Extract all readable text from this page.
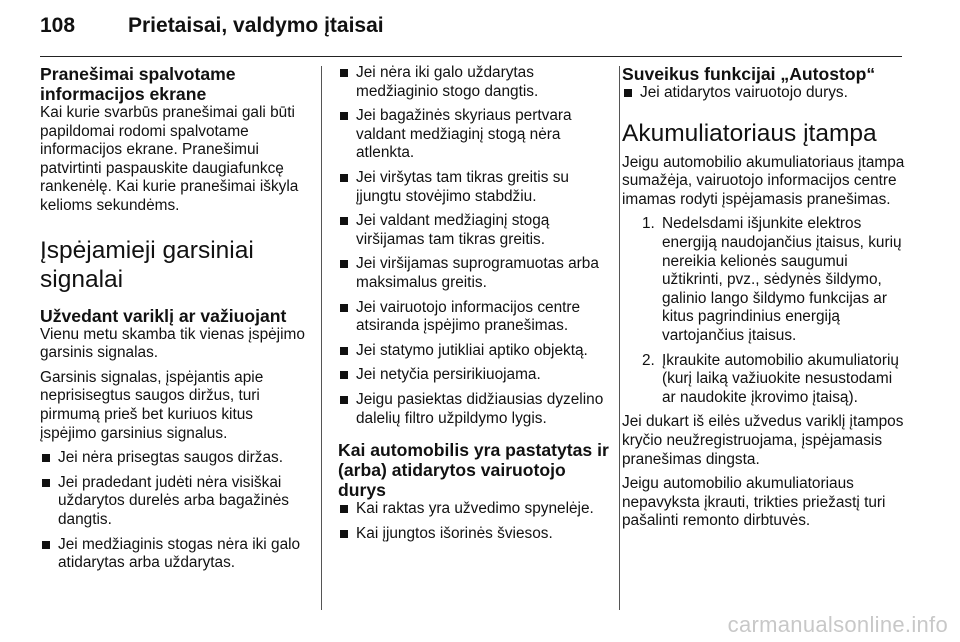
108	Prietaisai, valdymo įtaisai
Pranešimai spalvotame informacijos ekrane

Kai kurie svarbūs pranešimai gali būti papildomai rodomi spalvotame informacijos ekrane. Pranešimui patvirtinti paspauskite daugiafunkcę rankenėlę. Kai kurie pranešimai iškyla kelioms sekundėms.

Įspėjamieji garsiniai signalai
Užvedant variklį ar važiuojant

Vienu metu skamba tik vienas įspėjimo garsinis signalas.

Garsinis signalas, įspėjantis apie neprisisegtus saugos diržus, turi pirmumą prieš bet kuriuos kitus įspėjimo garsinius signalus.

Jei nėra prisegtas saugos diržas.
Jei pradedant judėti nėra visiškai uždarytos durelės arba bagažinės dangtis.
Jei medžiaginis stogas nėra iki galo atidarytas arba uždarytas.
Jei nėra iki galo uždarytas medžiaginio stogo dangtis.
Jei bagažinės skyriaus pertvara valdant medžiaginį stogą nėra atlenkta.
Jei viršytas tam tikras greitis su įjungtu stovėjimo stabdžiu.
Jei valdant medžiaginį stogą viršijamas tam tikras greitis.
Jei viršijamas suprogramuotas arba maksimalus greitis.
Jei vairuotojo informacijos centre atsiranda įspėjimo pranešimas.
Jei statymo jutikliai aptiko objektą.
Jei netyčia persirikiuojama.
Jeigu pasiektas didžiausias dyzelino dalelių filtro užpildymo lygis.
Kai automobilis yra pastatytas ir (arba) atidarytos vairuotojo durys
Kai raktas yra užvedimo spynelėje.
Kai įjungtos išorinės šviesos.
Suveikus funkcijai „Autostop“
Jei atidarytos vairuotojo durys.
Akumuliatoriaus įtampa

Jeigu automobilio akumuliatoriaus įtampa sumažėja, vairuotojo informacijos centre imamas rodyti įspėjamasis pranešimas.

1. Nedelsdami išjunkite elektros energiją naudojančius įtaisus, kurių nereikia kelionės saugumui užtikrinti, pvz., sėdynės šildymo, galinio lango šildymo funkcijas ar kitus pagrindinius energiją vartojančius įtaisus.
2. Įkraukite automobilio akumuliatorių (kurį laiką važiuokite nesustodami ar naudokite įkrovimo įtaisą).

Jei dukart iš eilės užvedus variklį įtampos kryčio neužregistruojama, įspėjamasis pranešimas dingsta.

Jeigu automobilio akumuliatoriaus nepavyksta įkrauti, trikties priežastį turi pašalinti remonto dirbtuvės.

carmanualsonline.info
